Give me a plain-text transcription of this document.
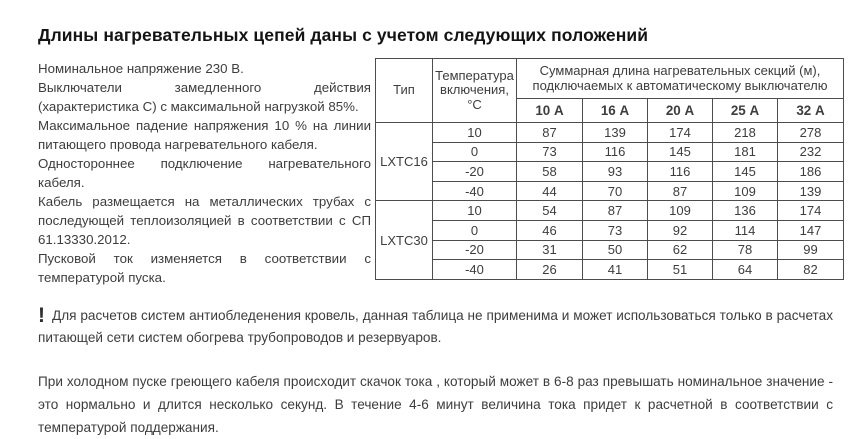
Длины нагревательных цепей даны с учетом следующих положений

Номинальное напряжение 230 В.

Выключатели замедленного действия (характеристика С) с максимальной нагрузкой 85%.

Максимальное падение напряжения 10 % на линии питающего провода нагревательного кабеля.

Одностороннее подключение нагревательного кабеля.

Кабель размещается на металлических трубах с последующей теплоизоляцией в соответствии с СП 61.13330.2012.

Пусковой ток изменяется в соответствии с температурой пуска.

Тип	Температура включения, °С	Суммарная длина нагревательных секций (м), подключаемых к автоматическому выключателю				
		10 А	16 А	20 А	25 А	32 А
LXTC16	10	87	139	174	218	278
	0	73	116	145	181	232
	-20	58	93	116	145	186
	-40	44	70	87	109	139
LXTC30	10	54	87	109	136	174
	0	46	73	92	114	147
	-20	31	50	62	78	99
	-40	26	41	51	64	82

! Для расчетов систем антиобледенения кровель, данная таблица не применима и может использоваться только в расчетах питающей сети систем обогрева трубопроводов и резервуаров.

При холодном пуске греющего кабеля происходит скачок тока , который может в 6-8 раз превышать номинальное значение - это нормально и длится несколько секунд. В течение 4-6 минут величина тока придет к расчетной в соответствии с температурой поддержания.
